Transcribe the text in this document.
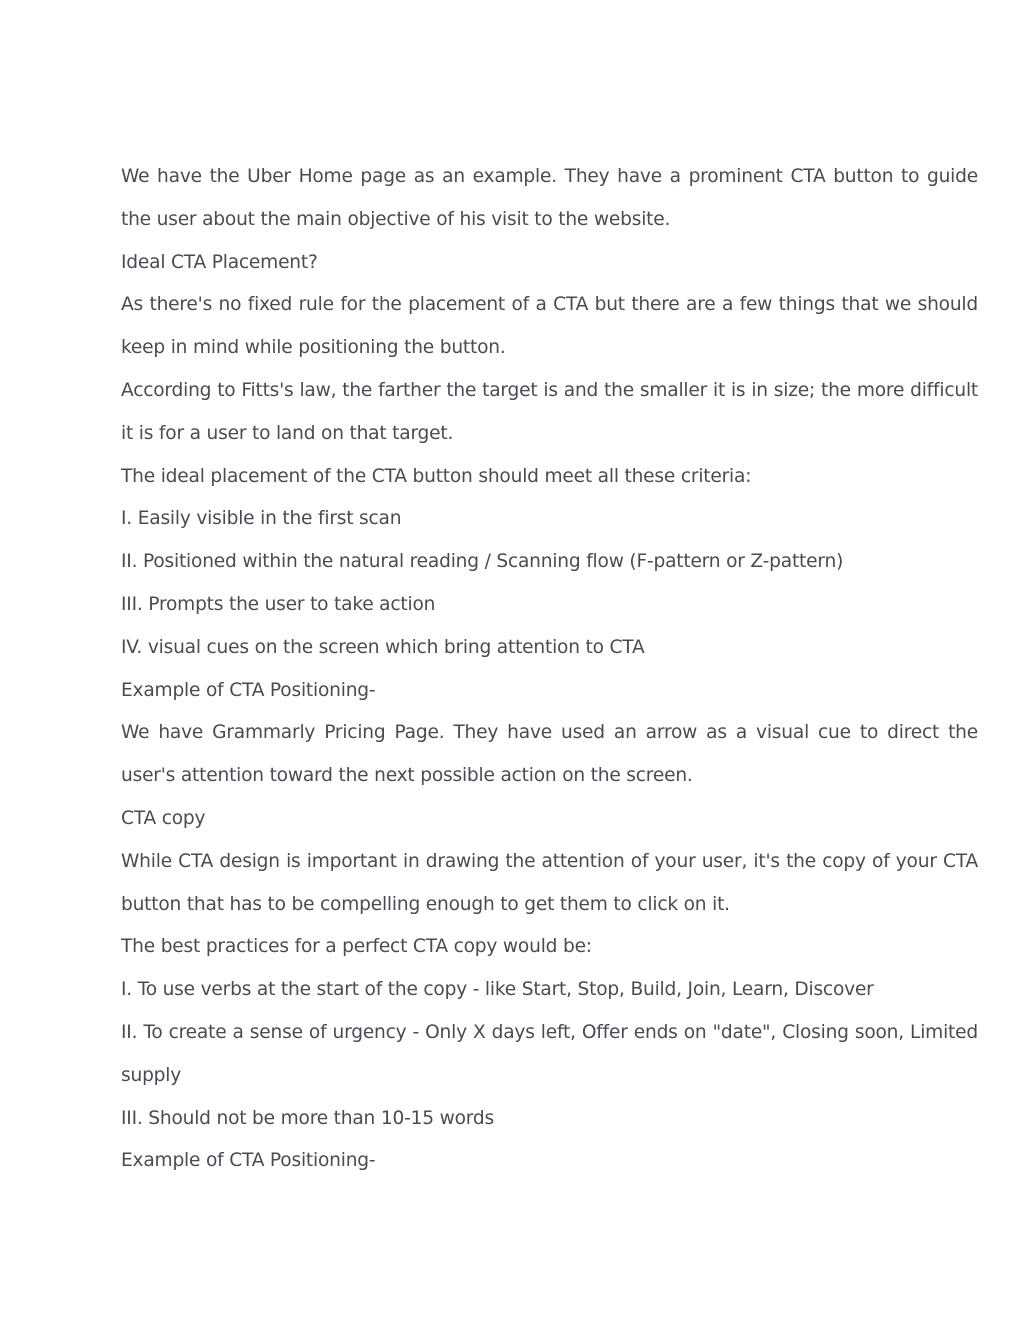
We have the Uber Home page as an example. They have a prominent CTA button to guide the user about the main objective of his visit to the website.

Ideal CTA Placement?

As there's no fixed rule for the placement of a CTA but there are a few things that we should keep in mind while positioning the button.

According to Fitts's law, the farther the target is and the smaller it is in size; the more difficult it is for a user to land on that target.

The ideal placement of the CTA button should meet all these criteria:

I. Easily visible in the first scan

II. Positioned within the natural reading / Scanning flow (F-pattern or Z-pattern)

III. Prompts the user to take action

IV. visual cues on the screen which bring attention to CTA

Example of CTA Positioning-

We have Grammarly Pricing Page. They have used an arrow as a visual cue to direct the user's attention toward the next possible action on the screen.

CTA copy

While CTA design is important in drawing the attention of your user, it's the copy of your CTA button that has to be compelling enough to get them to click on it.

The best practices for a perfect CTA copy would be:

I. To use verbs at the start of the copy - like Start, Stop, Build, Join, Learn, Discover

II. To create a sense of urgency - Only X days left, Offer ends on "date", Closing soon, Limited supply

III. Should not be more than 10-15 words

Example of CTA Positioning-
